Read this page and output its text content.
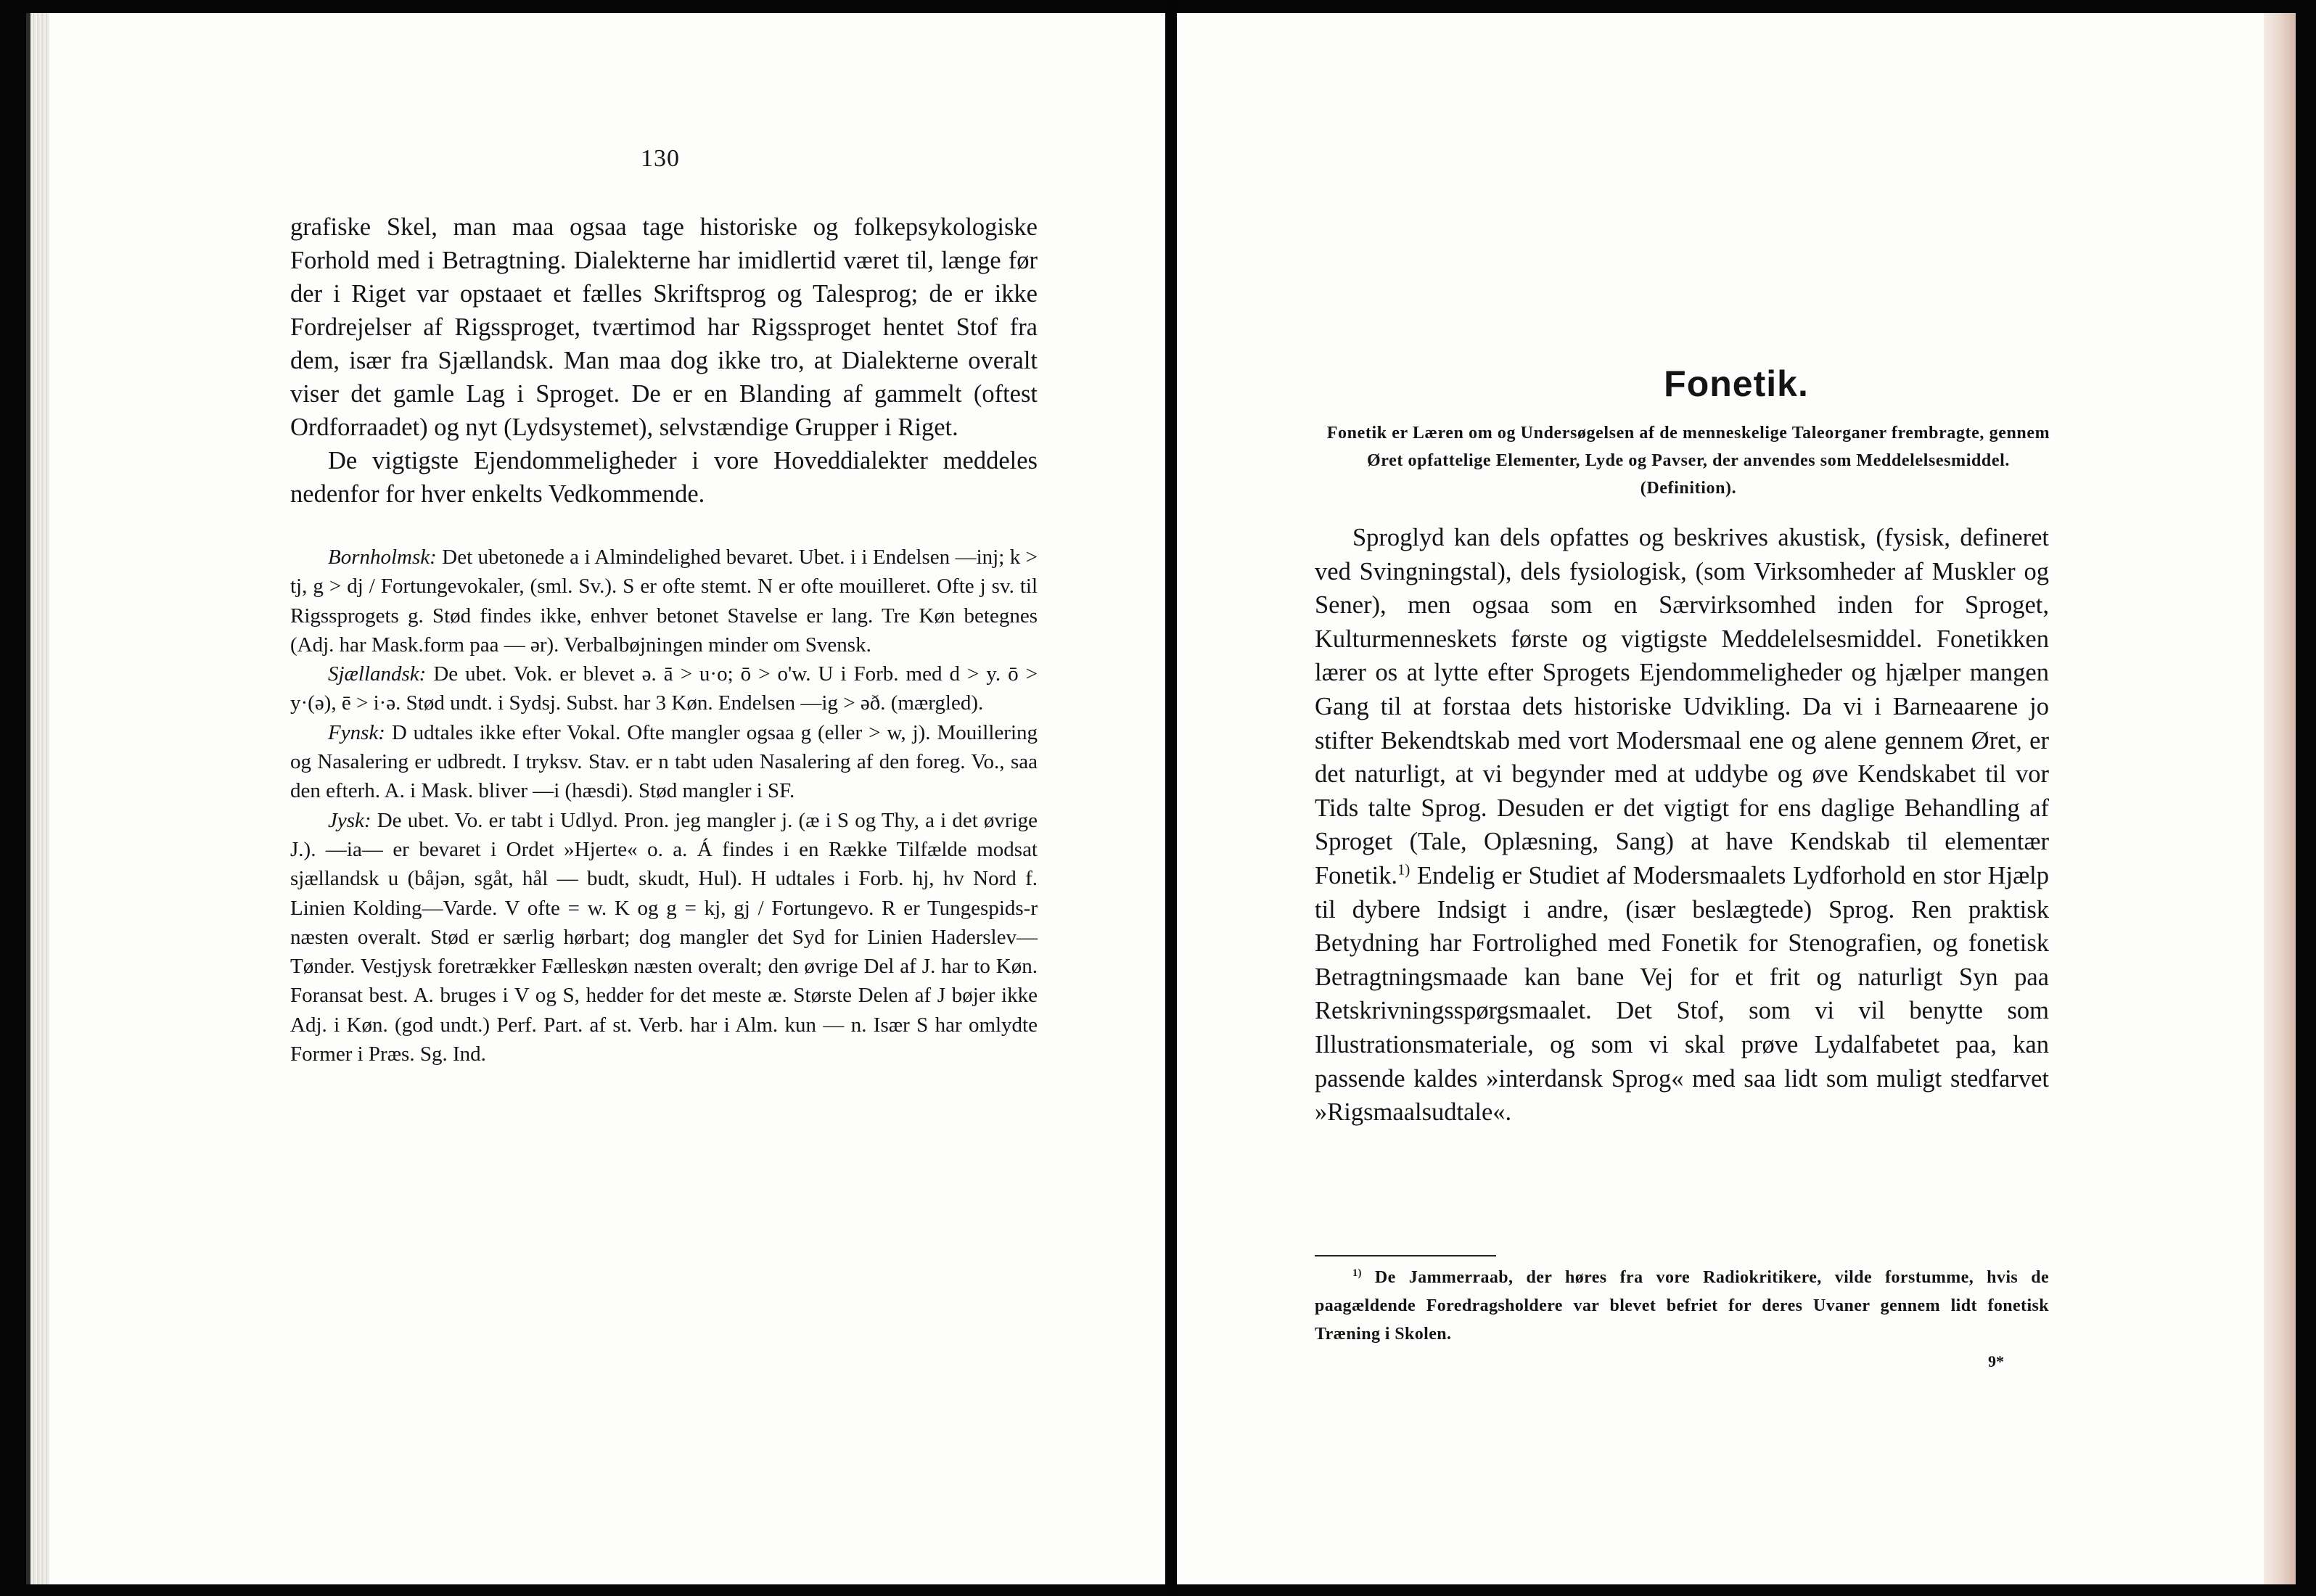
130

grafiske Skel, man maa ogsaa tage historiske og folkepsykologiske Forhold med i Betragtning. Dialekterne har imidlertid været til, længe før der i Riget var opstaaet et fælles Skriftsprog og Talesprog; de er ikke Fordrejelser af Rigssproget, tværtimod har Rigssproget hentet Stof fra dem, især fra Sjællandsk. Man maa dog ikke tro, at Dialekterne overalt viser det gamle Lag i Sproget. De er en Blanding af gammelt (oftest Ordforraadet) og nyt (Lydsystemet), selvstændige Grupper i Riget.

De vigtigste Ejendommeligheder i vore Hoveddialekter meddeles nedenfor for hver enkelts Vedkommende.

Bornholmsk: Det ubetonede a i Almindelighed bevaret. Ubet. i i Endelsen —inj; k > tj, g > dj / Fortungevokaler, (sml. Sv.). S er ofte stemt. N er ofte mouilleret. Ofte j sv. til Rigssprogets g. Stød findes ikke, enhver betonet Stavelse er lang. Tre Køn betegnes (Adj. har Mask.form paa — ər). Verbalbøjningen minder om Svensk.

Sjællandsk: De ubet. Vok. er blevet ə. ā > u·o; ō > o'w. U i Forb. med d > y. ō > y·(ə), ē > i·ə. Stød undt. i Sydsj. Subst. har 3 Køn. Endelsen —ig > əð. (mærgled).

Fynsk: D udtales ikke efter Vokal. Ofte mangler ogsaa g (eller > w, j). Mouillering og Nasalering er udbredt. I tryksv. Stav. er n tabt uden Nasalering af den foreg. Vo., saa den efterh. A. i Mask. bliver —i (hæsdi). Stød mangler i SF.

Jysk: De ubet. Vo. er tabt i Udlyd. Pron. jeg mangler j. (æ i S og Thy, a i det øvrige J.). —ia— er bevaret i Ordet »Hjerte« o. a. Á findes i en Række Tilfælde modsat sjællandsk u (båjən, sgåt, hål — budt, skudt, Hul). H udtales i Forb. hj, hv Nord f. Linien Kolding—Varde. V ofte = w. K og g = kj, gj / Fortungevo. R er Tungespids-r næsten overalt. Stød er særlig hørbart; dog mangler det Syd for Linien Haderslev—Tønder. Vestjysk foretrækker Fælleskøn næsten overalt; den øvrige Del af J. har to Køn. Foransat best. A. bruges i V og S, hedder for det meste æ. Største Delen af J bøjer ikke Adj. i Køn. (god undt.) Perf. Part. af st. Verb. har i Alm. kun — n. Især S har omlydte Former i Præs. Sg. Ind.

Fonetik.
Fonetik er Læren om og Undersøgelsen af de menneskelige Taleorganer frembragte, gennem Øret opfattelige Elementer, Lyde og Pavser, der anvendes som Meddelelsesmiddel. (Definition).

Sproglyd kan dels opfattes og beskrives akustisk, (fysisk, defineret ved Svingningstal), dels fysiologisk, (som Virksomheder af Muskler og Sener), men ogsaa som en Særvirksomhed inden for Sproget, Kulturmenneskets første og vigtigste Meddelelsesmiddel. Fonetikken lærer os at lytte efter Sprogets Ejendommeligheder og hjælper mangen Gang til at forstaa dets historiske Udvikling. Da vi i Barneaarene jo stifter Bekendtskab med vort Modersmaal ene og alene gennem Øret, er det naturligt, at vi begynder med at uddybe og øve Kendskabet til vor Tids talte Sprog. Desuden er det vigtigt for ens daglige Behandling af Sproget (Tale, Oplæsning, Sang) at have Kendskab til elementær Fonetik.$^{1)}$ Endelig er Studiet af Modersmaalets Lydforhold en stor Hjælp til dybere Indsigt i andre, (især beslægtede) Sprog. Ren praktisk Betydning har Fortrolighed med Fonetik for Stenografien, og fonetisk Betragtningsmaade kan bane Vej for et frit og naturligt Syn paa Retskrivningsspørgsmaalet. Det Stof, som vi vil benytte som Illustrationsmateriale, og som vi skal prøve Lydalfabetet paa, kan passende kaldes »interdansk Sprog« med saa lidt som muligt stedfarvet »Rigsmaalsudtale«.

$^{1)}$ De Jammerraab, der høres fra vore Radiokritikere, vilde forstumme, hvis de paagældende Foredragsholdere var blevet befriet for deres Uvaner gennem lidt fonetisk Træning i Skolen.
9*
